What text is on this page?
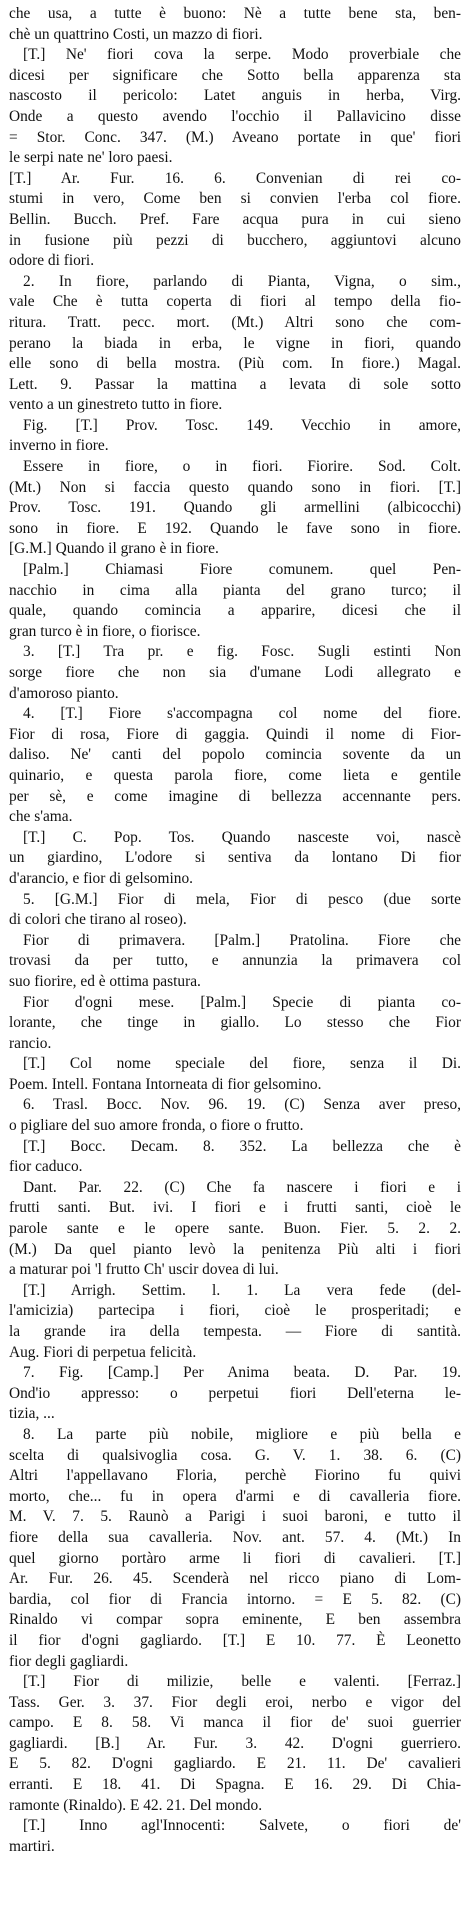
che usa, a tutte è buono: Nè a tutte bene sta, ben-
chè un quattrino Costi, un mazzo di fiori.
[T.] Ne' fiori cova la serpe. Modo proverbiale che
dicesi per significare che Sotto bella apparenza sta
nascosto il pericolo: Latet anguis in herba, Virg.
Onde a questo avendo l'occhio il Pallavicino disse
= Stor. Conc. 347. (M.) Aveano portate in que' fiori
le serpi nate ne' loro paesi.
[T.] Ar. Fur. 16. 6. Convenian di rei co-
stumi in vero, Come ben si convien l'erba col fiore.
Bellin. Bucch. Pref. Fare acqua pura in cui sieno
in fusione più pezzi di bucchero, aggiuntovi alcuno
odore di fiori.
2. In fiore, parlando di Pianta, Vigna, o sim.,
vale Che è tutta coperta di fiori al tempo della fio-
ritura. Tratt. pecc. mort. (Mt.) Altri sono che com-
perano la biada in erba, le vigne in fiori, quando
elle sono di bella mostra. (Più com. In fiore.) Magal.
Lett. 9. Passar la mattina a levata di sole sotto
vento a un ginestreto tutto in fiore.
Fig. [T.] Prov. Tosc. 149. Vecchio in amore,
inverno in fiore.
Essere in fiore, o in fiori. Fiorire. Sod. Colt.
(Mt.) Non si faccia questo quando sono in fiori. [T.]
Prov. Tosc. 191. Quando gli armellini (albicocchi)
sono in fiore. E 192. Quando le fave sono in fiore.
[G.M.] Quando il grano è in fiore.
[Palm.] Chiamasi Fiore comunem. quel Pen-
nacchio in cima alla pianta del grano turco; il
quale, quando comincia a apparire, dicesi che il
gran turco è in fiore, o fiorisce.
3. [T.] Tra pr. e fig. Fosc. Sugli estinti Non
sorge fiore che non sia d'umane Lodi allegrato e
d'amoroso pianto.
4. [T.] Fiore s'accompagna col nome del fiore.
Fior di rosa, Fiore di gaggia. Quindi il nome di Fior-
daliso. Ne' canti del popolo comincia sovente da un
quinario, e questa parola fiore, come lieta e gentile
per sè, e come imagine di bellezza accennante pers.
che s'ama.
[T.] C. Pop. Tos. Quando nasceste voi, nascè
un giardino, L'odore si sentiva da lontano Di fior
d'arancio, e fior di gelsomino.
5. [G.M.] Fior di mela, Fior di pesco (due sorte
di colori che tirano al roseo).
Fior di primavera. [Palm.] Pratolina. Fiore che
trovasi da per tutto, e annunzia la primavera col
suo fiorire, ed è ottima pastura.
Fior d'ogni mese. [Palm.] Specie di pianta co-
lorante, che tinge in giallo. Lo stesso che Fior
rancio.
[T.] Col nome speciale del fiore, senza il Di.
Poem. Intell. Fontana Intorneata di fior gelsomino.
6. Trasl. Bocc. Nov. 96. 19. (C) Senza aver preso,
o pigliare del suo amore fronda, o fiore o frutto.
[T.] Bocc. Decam. 8. 352. La bellezza che è
fior caduco.
Dant. Par. 22. (C) Che fa nascere i fiori e i
frutti santi. But. ivi. I fiori e i frutti santi, cioè le
parole sante e le opere sante. Buon. Fier. 5. 2. 2.
(M.) Da quel pianto levò la penitenza Più alti i fiori
a maturar poi 'l frutto Ch' uscir dovea di lui.
[T.] Arrigh. Settim. l. 1. La vera fede (del-
l'amicizia) partecipa i fiori, cioè le prosperitadi; e
la grande ira della tempesta. — Fiore di santità.
Aug. Fiori di perpetua felicità.
7. Fig. [Camp.] Per Anima beata. D. Par. 19.
Ond'io appresso: o perpetui fiori Dell'eterna le-
tizia, ...
8. La parte più nobile, migliore e più bella e
scelta di qualsivoglia cosa. G. V. 1. 38. 6. (C)
Altri l'appellavano Floria, perchè Fiorino fu quivi
morto, che... fu in opera d'armi e di cavalleria fiore.
M. V. 7. 5. Raunò a Parigi i suoi baroni, e tutto il
fiore della sua cavalleria. Nov. ant. 57. 4. (Mt.) In
quel giorno portàro arme li fiori di cavalieri. [T.]
Ar. Fur. 26. 45. Scenderà nel ricco piano di Lom-
bardia, col fior di Francia intorno. = E 5. 82. (C)
Rinaldo vi compar sopra eminente, E ben assembra
il fior d'ogni gagliardo. [T.] E 10. 77. È Leonetto
fior degli gagliardi.
[T.] Fior di milizie, belle e valenti. [Ferraz.]
Tass. Ger. 3. 37. Fior degli eroi, nerbo e vigor del
campo. E 8. 58. Vi manca il fior de' suoi guerrier
gagliardi. [B.] Ar. Fur. 3. 42. D'ogni guerriero.
E 5. 82. D'ogni gagliardo. E 21. 11. De' cavalieri
erranti. E 18. 41. Di Spagna. E 16. 29. Di Chia-
ramonte (Rinaldo). E 42. 21. Del mondo.
[T.] Inno agl'Innocenti: Salvete, o fiori de'
martiri.
